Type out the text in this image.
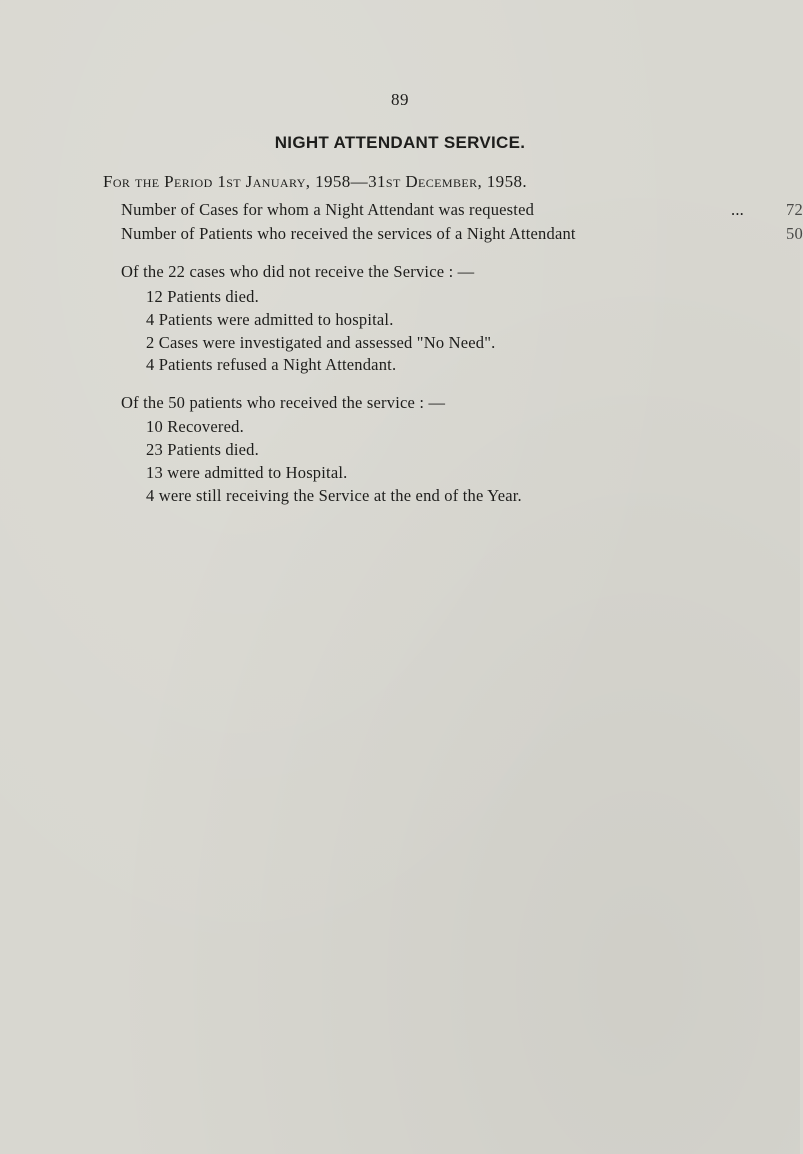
89
NIGHT ATTENDANT SERVICE.
For the Period 1st January, 1958—31st December, 1958.
Number of Cases for whom a Night Attendant was requested	...	72
Number of Patients who received the services of a Night Attendant	50
Of the 22 cases who did not receive the Service : —
12 Patients died.
4 Patients were admitted to hospital.
2 Cases were investigated and assessed "No Need".
4 Patients refused a Night Attendant.
Of the 50 patients who received the service : —
10 Recovered.
23 Patients died.
13 were admitted to Hospital.
4 were still receiving the Service at the end of the Year.
